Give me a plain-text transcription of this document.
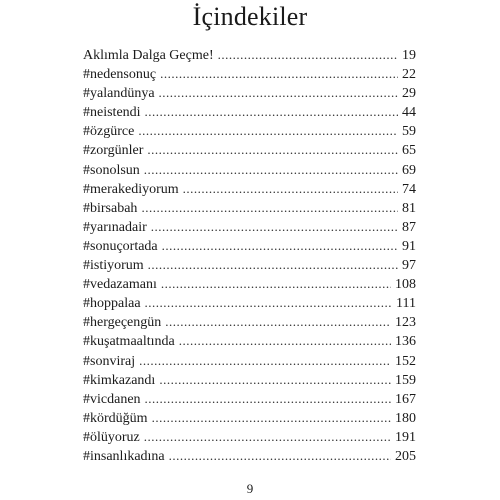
İçindekiler
Aklımla Dalga Geçme! .....	19
#nedensonuç .....	22
#yalandünya .....	29
#neistendi .....	44
#özgürce .....	59
#zorgünler .....	65
#sonolsun .....	69
#merakediyorum .....	74
#birsabah .....	81
#yarınadair .....	87
#sonuçortada .....	91
#istiyorum .....	97
#vedazamanı .....	108
#hoppalaa .....	111
#hergeçengün .....	123
#kuşatmaaltında .....	136
#sonviraj .....	152
#kimkazandı .....	159
#vicdanen .....	167
#kördüğüm .....	180
#ölüyoruz .....	191
#insanlıkadına .....	205
9
